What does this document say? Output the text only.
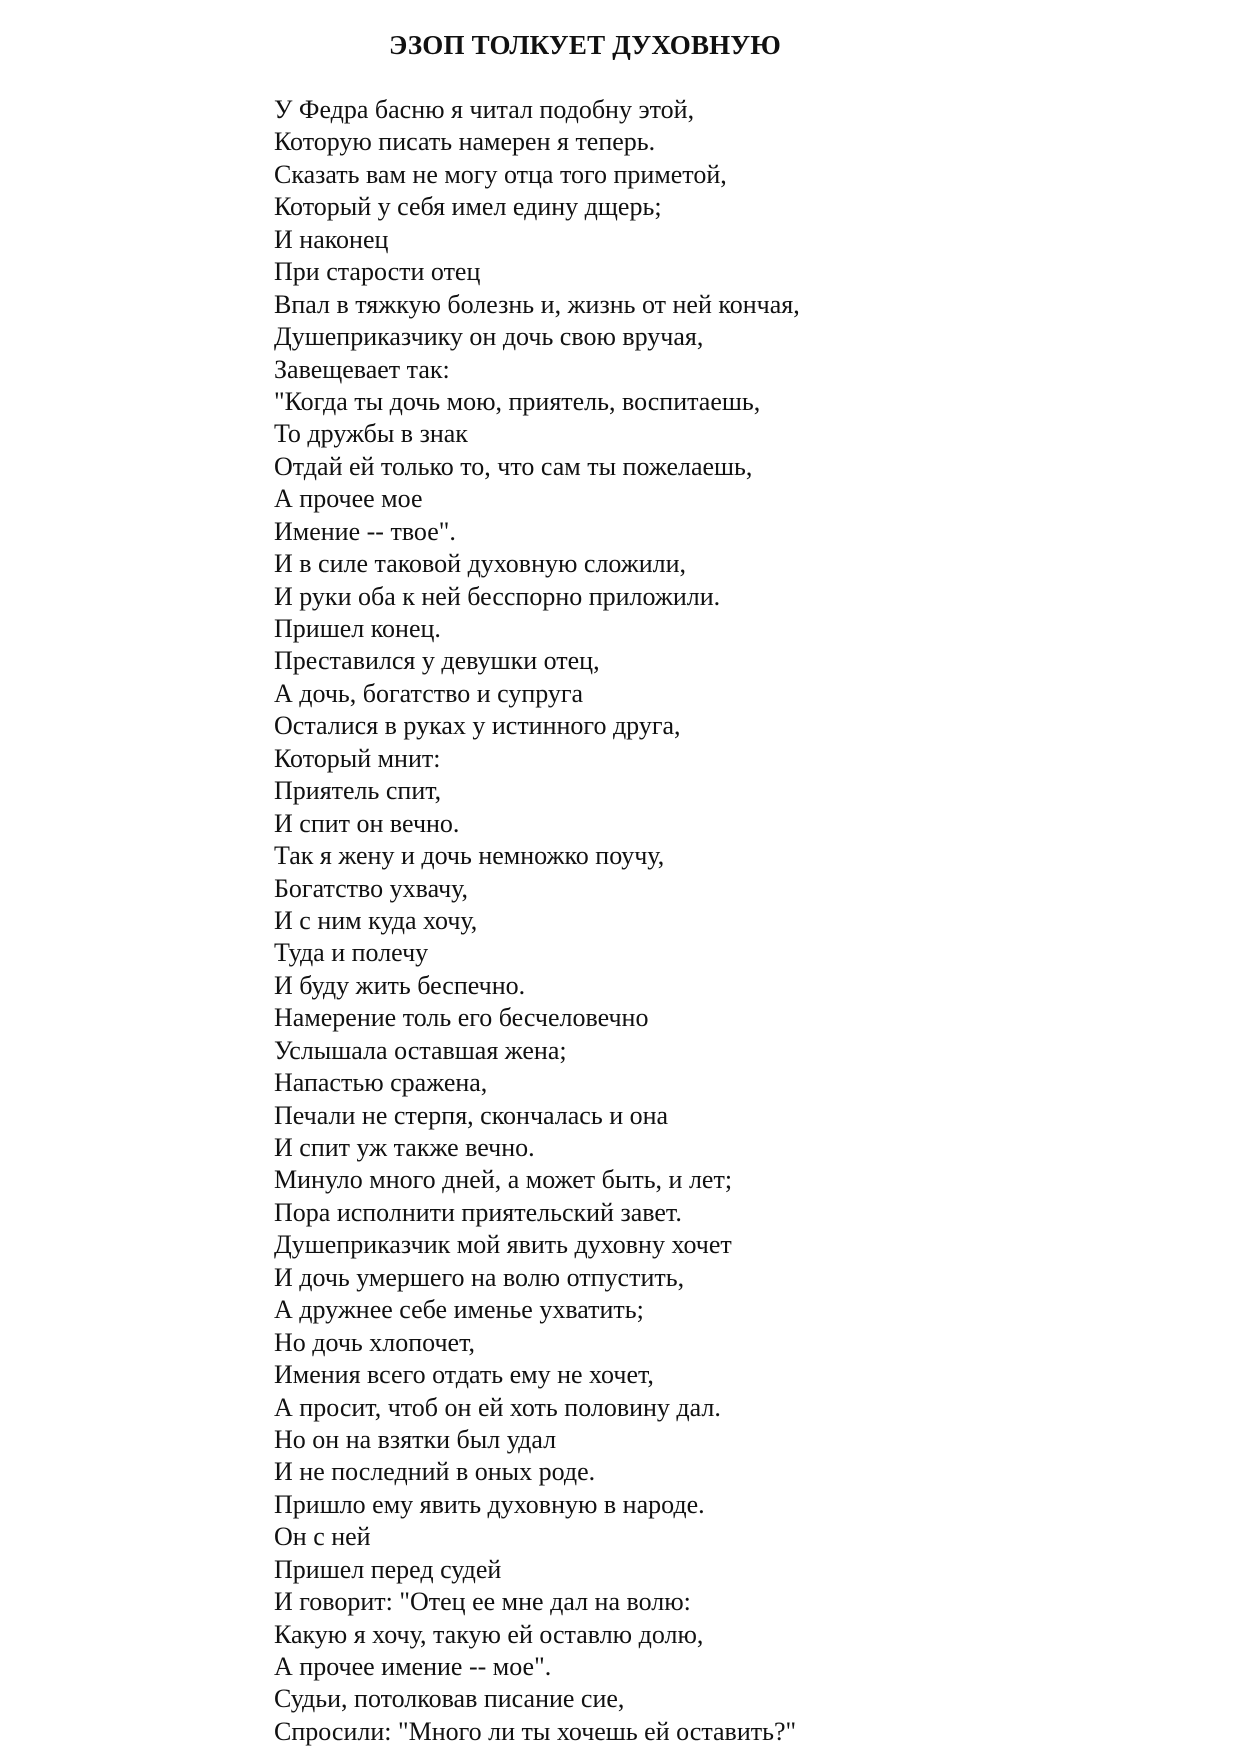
ЭЗОП ТОЛКУЕТ ДУХОВНУЮ
У Федра басню я читал подобну этой,
Которую писать намерен я теперь.
Сказать вам не могу отца того приметой,
Который у себя имел едину дщерь;
И наконец
При старости отец
Впал в тяжкую болезнь и, жизнь от ней кончая,
Душеприказчику он дочь свою вручая,
Завещевает так:
"Когда ты дочь мою, приятель, воспитаешь,
То дружбы в знак
Отдай ей только то, что сам ты пожелаешь,
А прочее мое
Имение -- твое".
И в силе таковой духовную сложили,
И руки оба к ней бесспорно приложили.
Пришел конец.
Преставился у девушки отец,
А дочь, богатство и супруга
Осталися в руках у истинного друга,
Который мнит:
Приятель спит,
И спит он вечно.
Так я жену и дочь немножко поучу,
Богатство ухвачу,
И с ним куда хочу,
Туда и полечу
И буду жить беспечно.
Намерение толь его бесчеловечно
Услышала оставшая жена;
Напастью сражена,
Печали не стерпя, скончалась и она
И спит уж также вечно.
Минуло много дней, а может быть, и лет;
Пора исполнити приятельский завет.
Душеприказчик мой явить духовну хочет
И дочь умершего на волю отпустить,
А дружнее себе именье ухватить;
Но дочь хлопочет,
Имения всего отдать ему не хочет,
А просит, чтоб он ей хоть половину дал.
Но он на взятки был удал
И не последний в оных роде.
Пришло ему явить духовную в народе.
Он с ней
Пришел перед судей
И говорит: "Отец ее мне дал на волю:
Какую я хочу, такую ей оставлю долю,
А прочее имение -- мое".
Судьи, потолковав писание сие,
Спросили: "Много ли ты хочешь ей оставить?"
